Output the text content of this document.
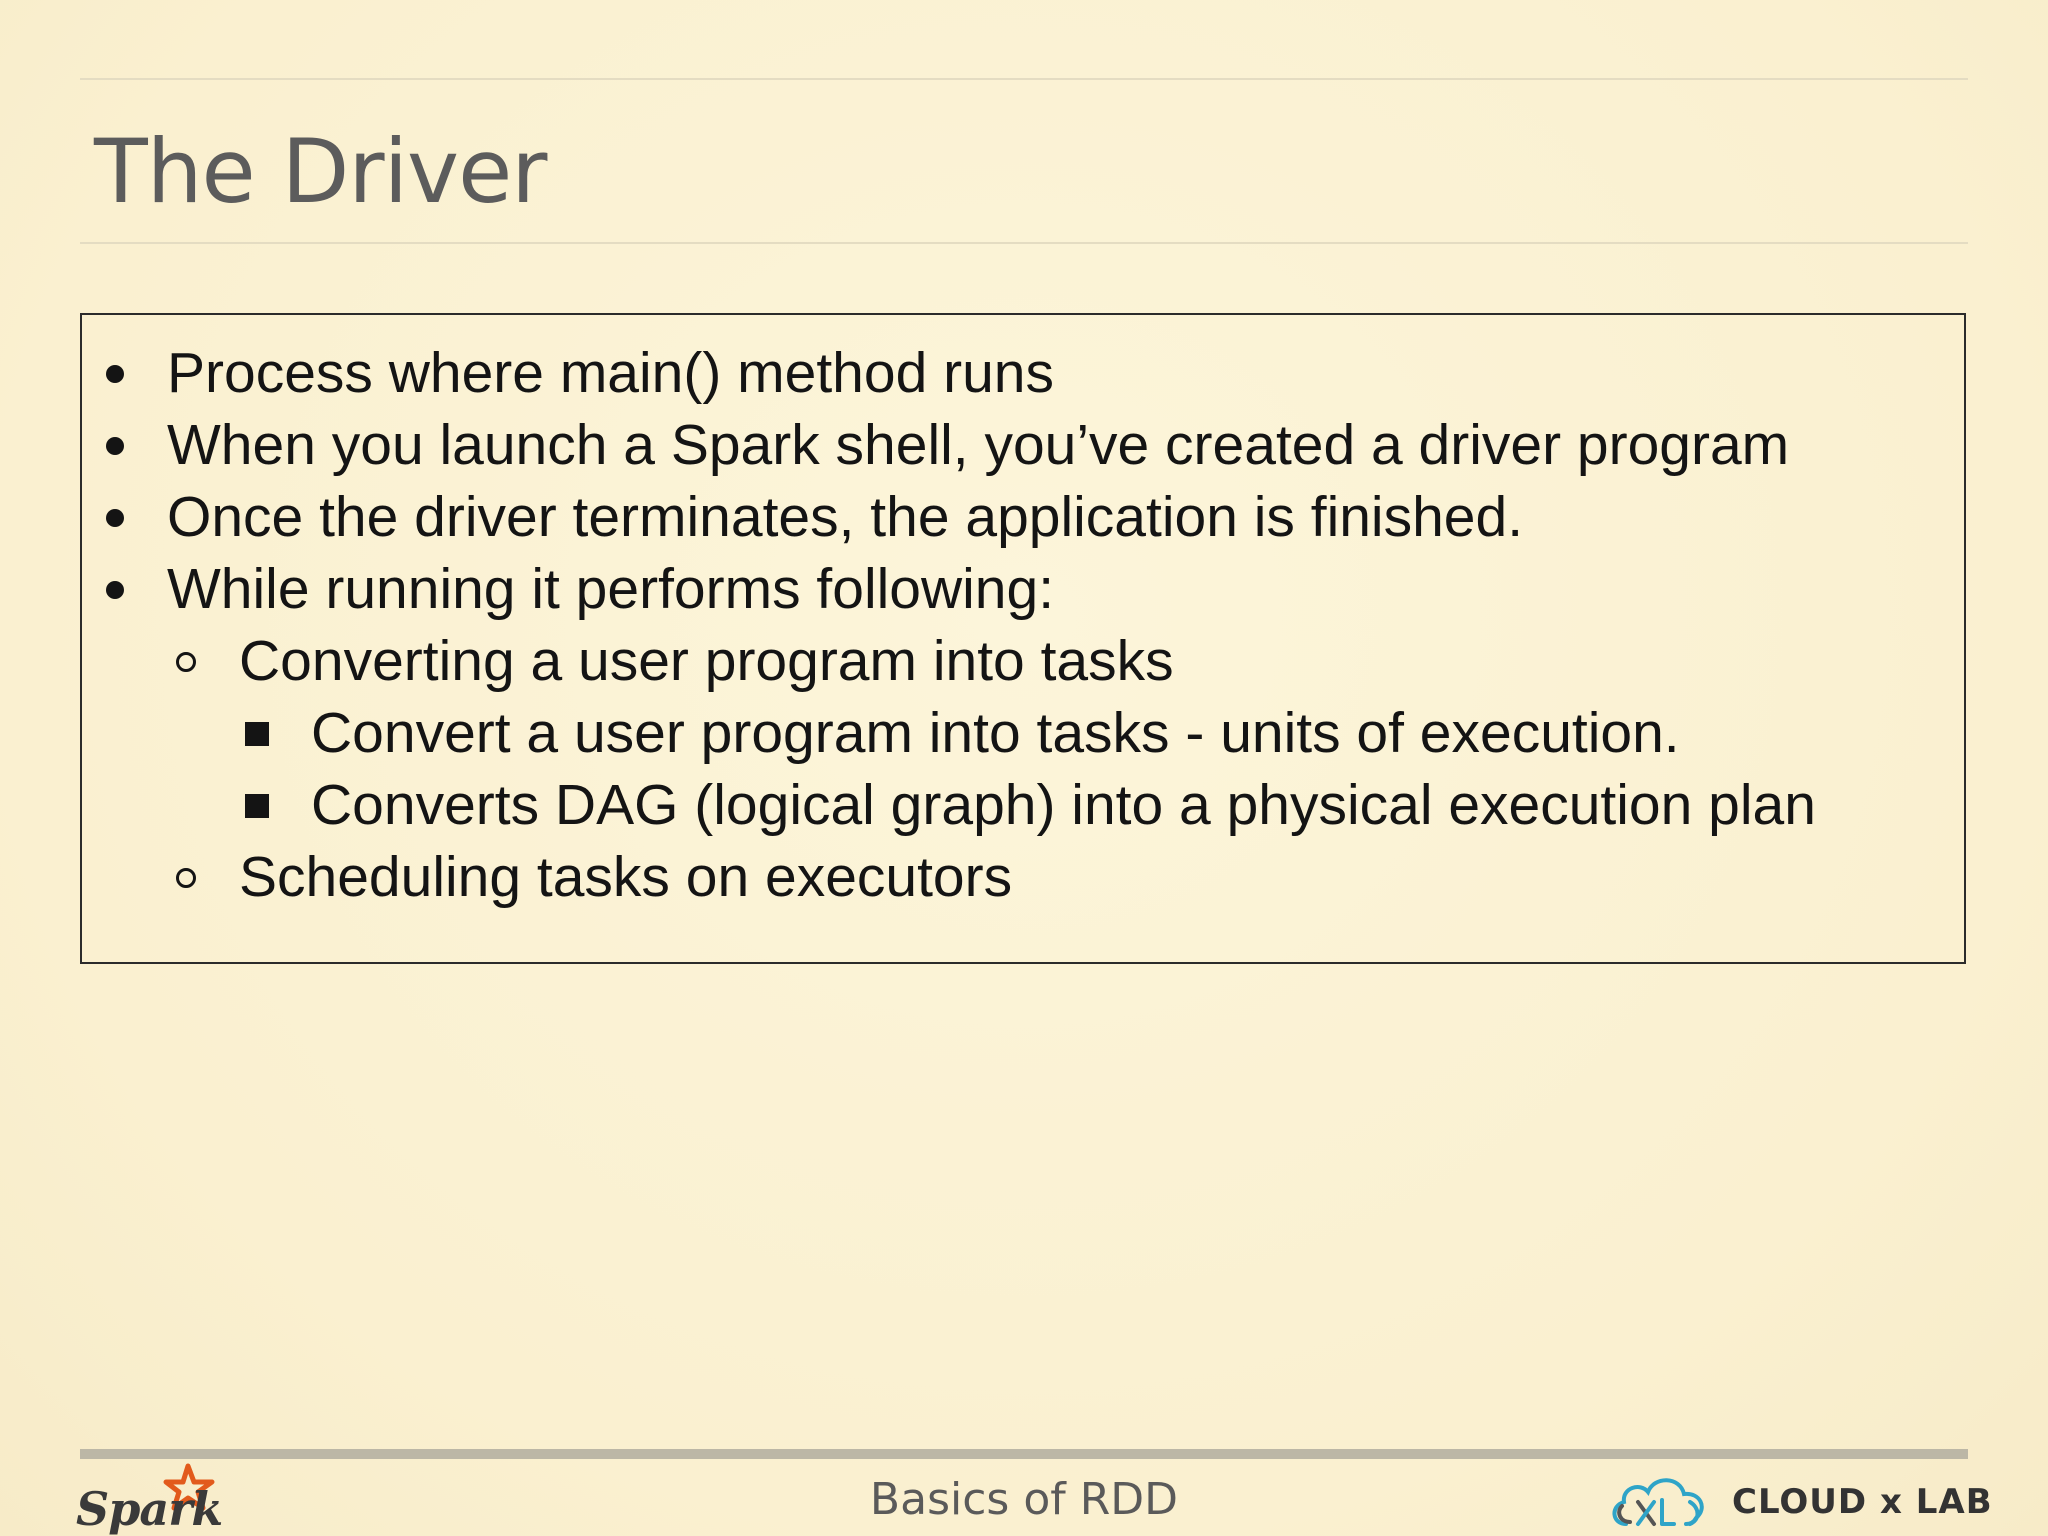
The Driver
Process where main() method runs
When you launch a Spark shell, you’ve created a driver program
Once the driver terminates, the application is finished.
While running it performs following:
Converting a user program into tasks
Convert a user program into tasks - units of execution.
Converts DAG (logical graph) into a physical execution plan
Scheduling tasks on executors
Spark	Basics of RDD	CLOUD x LAB
